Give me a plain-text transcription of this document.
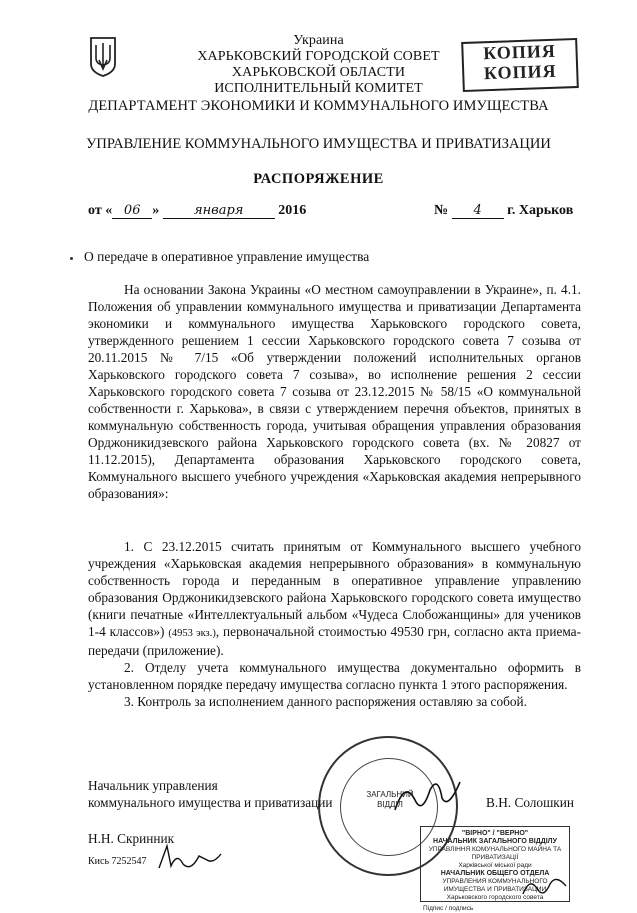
Украина
ХАРЬКОВСКИЙ ГОРОДСКОЙ СОВЕТ
ХАРЬКОВСКОЙ ОБЛАСТИ
ИСПОЛНИТЕЛЬНЫЙ КОМИТЕТ
ДЕПАРТАМЕНТ ЭКОНОМИКИ И КОММУНАЛЬНОГО ИМУЩЕСТВА
КОПИЯ
КОПИЯ
УПРАВЛЕНИЕ КОММУНАЛЬНОГО ИМУЩЕСТВА И ПРИВАТИЗАЦИИ
РАСПОРЯЖЕНИЕ
от « 06 »	января 2016	№ 4 г. Харьков
О передаче в оперативное управление имущества

На основании Закона Украины «О местном самоуправлении в Украине», п. 4.1. Положения об управлении коммунального имущества и приватизации Департамента экономики и коммунального имущества Харьковского городского совета, утвержденного решением 1 сессии Харьковского городского совета 7 созыва от 20.11.2015 № 7/15 «Об утверждении положений исполнительных органов Харьковского городского совета 7 созыва», во исполнение решения 2 сессии Харьковского городского совета 7 созыва от 23.12.2015 № 58/15 «О коммунальной собственности г. Харькова», в связи с утверждением перечня объектов, принятых в коммунальную собственность города, учитывая обращения управления образования Орджоникидзевского района Харьковского городского совета (вх. № 20827 от 11.12.2015), Департамента образования Харьковского городского совета, Коммунального высшего учебного учреждения «Харьковская академия непрерывного образования»:

1. С 23.12.2015 считать принятым от Коммунального высшего учебного учреждения «Харьковская академия непрерывного образования» в коммунальную собственность города и переданным в оперативное управление управлению образования Орджоникидзевского района Харьковского городского совета имущество (книги печатные «Интеллектуальный альбом «Чудеса Слобожанщины» для учеников 1-4 классов») (4953 экз.), первоначальной стоимостью 49530 грн, согласно акта приема-передачи (приложение).

2. Отделу учета коммунального имущества документально оформить в установленном порядке передачу имущества согласно пункта 1 этого распоряжения.

3. Контроль за исполнением данного распоряжения оставляю за собой.

ЗАГАЛЬНИЙ
ВІДДІЛ
Начальник управления
коммунального имущества и приватизации	В.Н. Солошкин
Н.Н. Скринник
Кись 7252547
"ВІРНО" / "ВЕРНО"
НАЧАЛЬНИК ЗАГАЛЬНОГО ВІДДІЛУ
УПРАВЛІННЯ КОМУНАЛЬНОГО МАЙНА ТА ПРИВАТИЗАЦІЇ
Харківської міської ради
НАЧАЛЬНИК ОБЩЕГО ОТДЕЛА
УПРАВЛЕНИЯ КОММУНАЛЬНОГО ИМУЩЕСТВА И ПРИВАТИЗАЦИИ
Харьковского городского совета
Підпис / подпись
